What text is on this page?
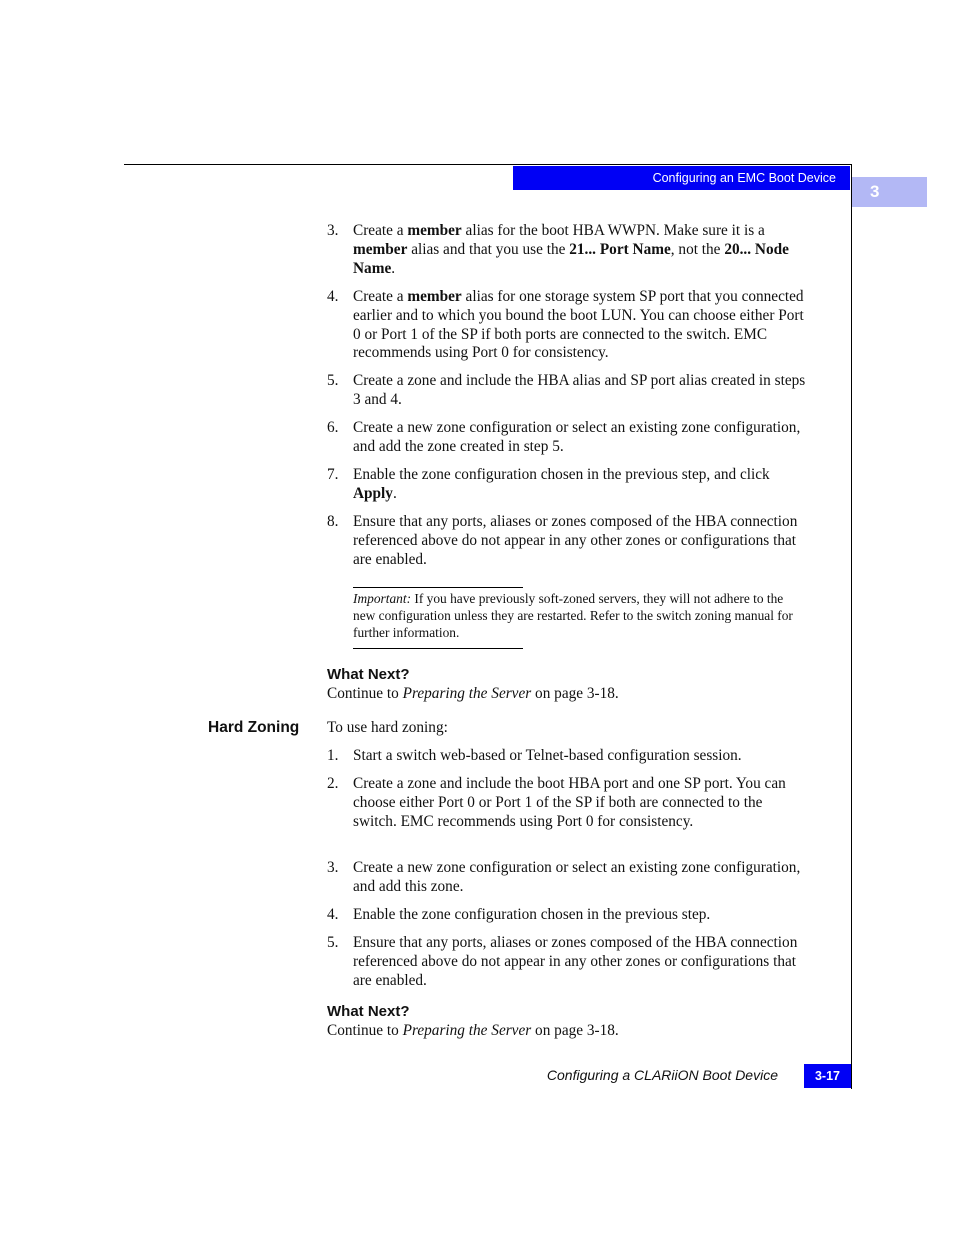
Configuring an EMC Boot Device
3
3. Create a member alias for the boot HBA WWPN. Make sure it is a member alias and that you use the 21... Port Name, not the 20... Node Name.
4. Create a member alias for one storage system SP port that you connected earlier and to which you bound the boot LUN. You can choose either Port 0 or Port 1 of the SP if both ports are connected to the switch. EMC recommends using Port 0 for consistency.
5. Create a zone and include the HBA alias and SP port alias created in steps 3 and 4.
6. Create a new zone configuration or select an existing zone configuration, and add the zone created in step 5.
7. Enable the zone configuration chosen in the previous step, and click Apply.
8. Ensure that any ports, aliases or zones composed of the HBA connection referenced above do not appear in any other zones or configurations that are enabled.
Important: If you have previously soft-zoned servers, they will not adhere to the new configuration unless they are restarted. Refer to the switch zoning manual for further information.
What Next?
Continue to Preparing the Server on page 3-18.
Hard Zoning To use hard zoning:
1. Start a switch web-based or Telnet-based configuration session.
2. Create a zone and include the boot HBA port and one SP port. You can choose either Port 0 or Port 1 of the SP if both are connected to the switch. EMC recommends using Port 0 for consistency.
3. Create a new zone configuration or select an existing zone configuration, and add this zone.
4. Enable the zone configuration chosen in the previous step.
5. Ensure that any ports, aliases or zones composed of the HBA connection referenced above do not appear in any other zones or configurations that are enabled.
What Next?
Continue to Preparing the Server on page 3-18.
Configuring a CLARiiON Boot Device	3-17
